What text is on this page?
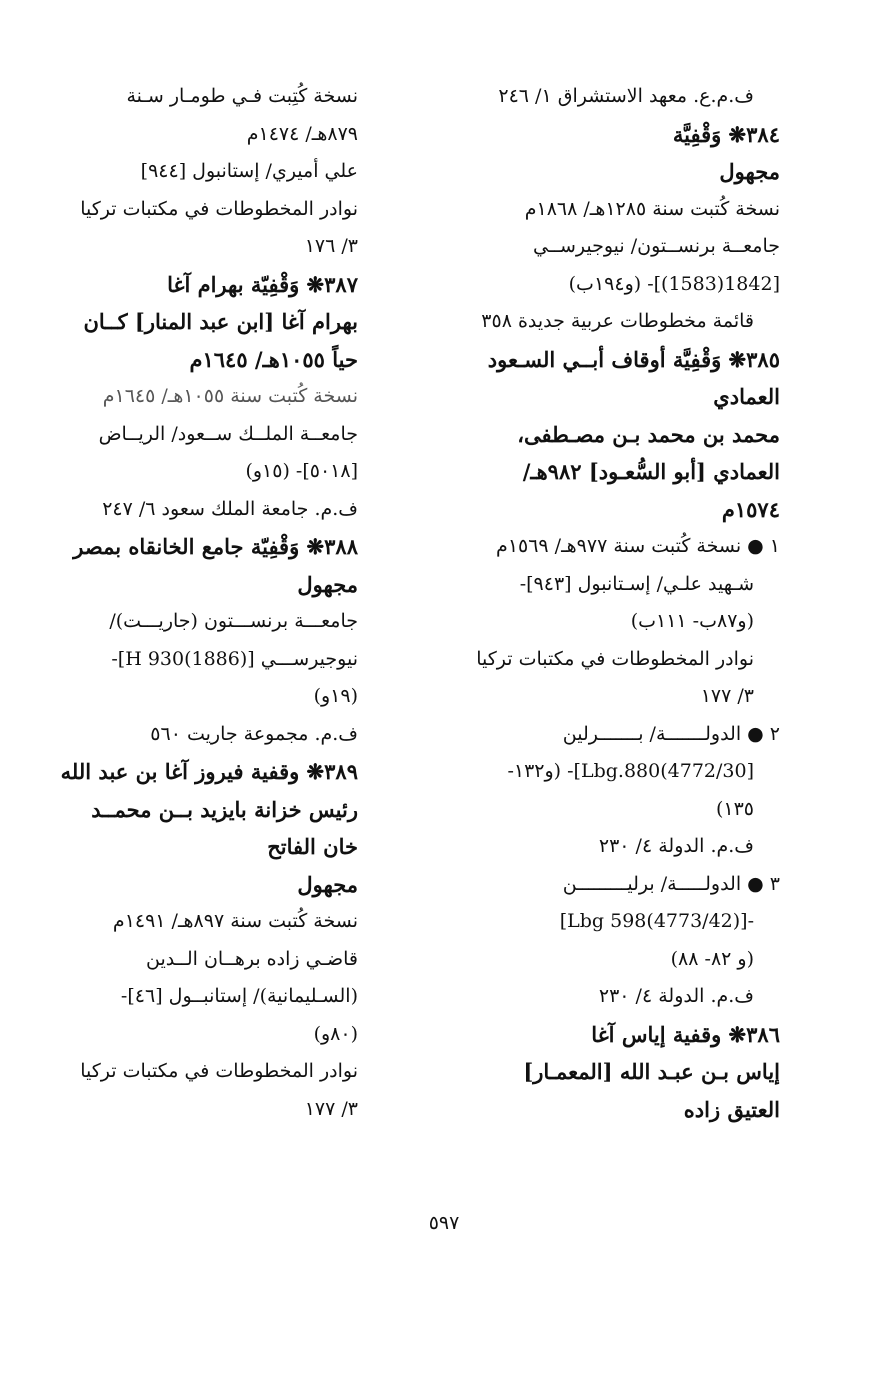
ف.م.ع. معهد الاستشراق ١/ ٢٤٦
٣٨٤❋ وَقْفِيَّة
مجهول
نسخة كُتبت سنة ١٢٨٥هـ/ ١٨٦٨م
جامعــة برنســتون/ نيوجيرســي
[1842(1583)]- (و١٩٤ب)
قائمة مخطوطات عربية جديدة ٣٥٨
٣٨٥❋ وَقْفِيَّة أوقاف أبــي السـعود
العمادي
محمد بن محمد بـن مصـطفى،
العمادي [أبو السُّعـود] ٩٨٢هـ/
١٥٧٤م
١ ● نسخة كُتبت سنة ٩٧٧هـ/ ١٥٦٩م
شـهيد علـي/ إسـتانبول [٩٤٣]-
(و٨٧ب- ١١١ب)
نوادر المخطوطات في مكتبات تركيا
٣/ ١٧٧
٢ ● الدولـــــــة/ بـــــــرلين
[4772/30)Lbg.880]- (و١٣٢-
١٣٥)
ف.م. الدولة ٤/ ٢٣٠
٣ ● الدولـــــة/ برليـــــــــن
-[(4773/42)Lbg 598]
(و ٨٢- ٨٨)
ف.م. الدولة ٤/ ٢٣٠
٣٨٦❋ وقفية إياس آغا
إياس بـن عبـد الله [المعمـار]
العتيق زاده
نسخة كُتِبت فـي طومـار سـنة
٨٧٩هـ/ ١٤٧٤م
علي أميري/ إستانبول [٩٤٤]
نوادر المخطوطات في مكتبات تركيا
٣/ ١٧٦
٣٨٧❋ وَقْفِيّة بهرام آغا
بهرام آغا [ابن عبد المنار] كــان
حياً ١٠٥٥هـ/ ١٦٤٥م
نسخة كُتبت سنة ١٠٥٥هـ/ ١٦٤٥م
جامعــة الملــك ســعود/ الريــاض
[٥٠١٨]- (١٥و)
ف.م. جامعة الملك سعود ٦/ ٢٤٧
٣٨٨❋ وَقْفِيّة جامع الخانقاه بمصر
مجهول
جامعـــة برنســـتون (جاريـــت)/
نيوجيرســـي [H 930(1886)]-
(١٩و)
ف.م. مجموعة جاريت ٥٦٠
٣٨٩❋ وقفية فيروز آغا بن عبد الله
رئيس خزانة بايزيد بــن محمــد
خان الفاتح
مجهول
نسخة كُتبت سنة ٨٩٧هـ/ ١٤٩١م
قاضـي زاده برهــان الــدين
(السـليمانية)/ إستانبــول [٤٦]-
(٨٠و)
نوادر المخطوطات في مكتبات تركيا
٣/ ١٧٧
٥٩٧
